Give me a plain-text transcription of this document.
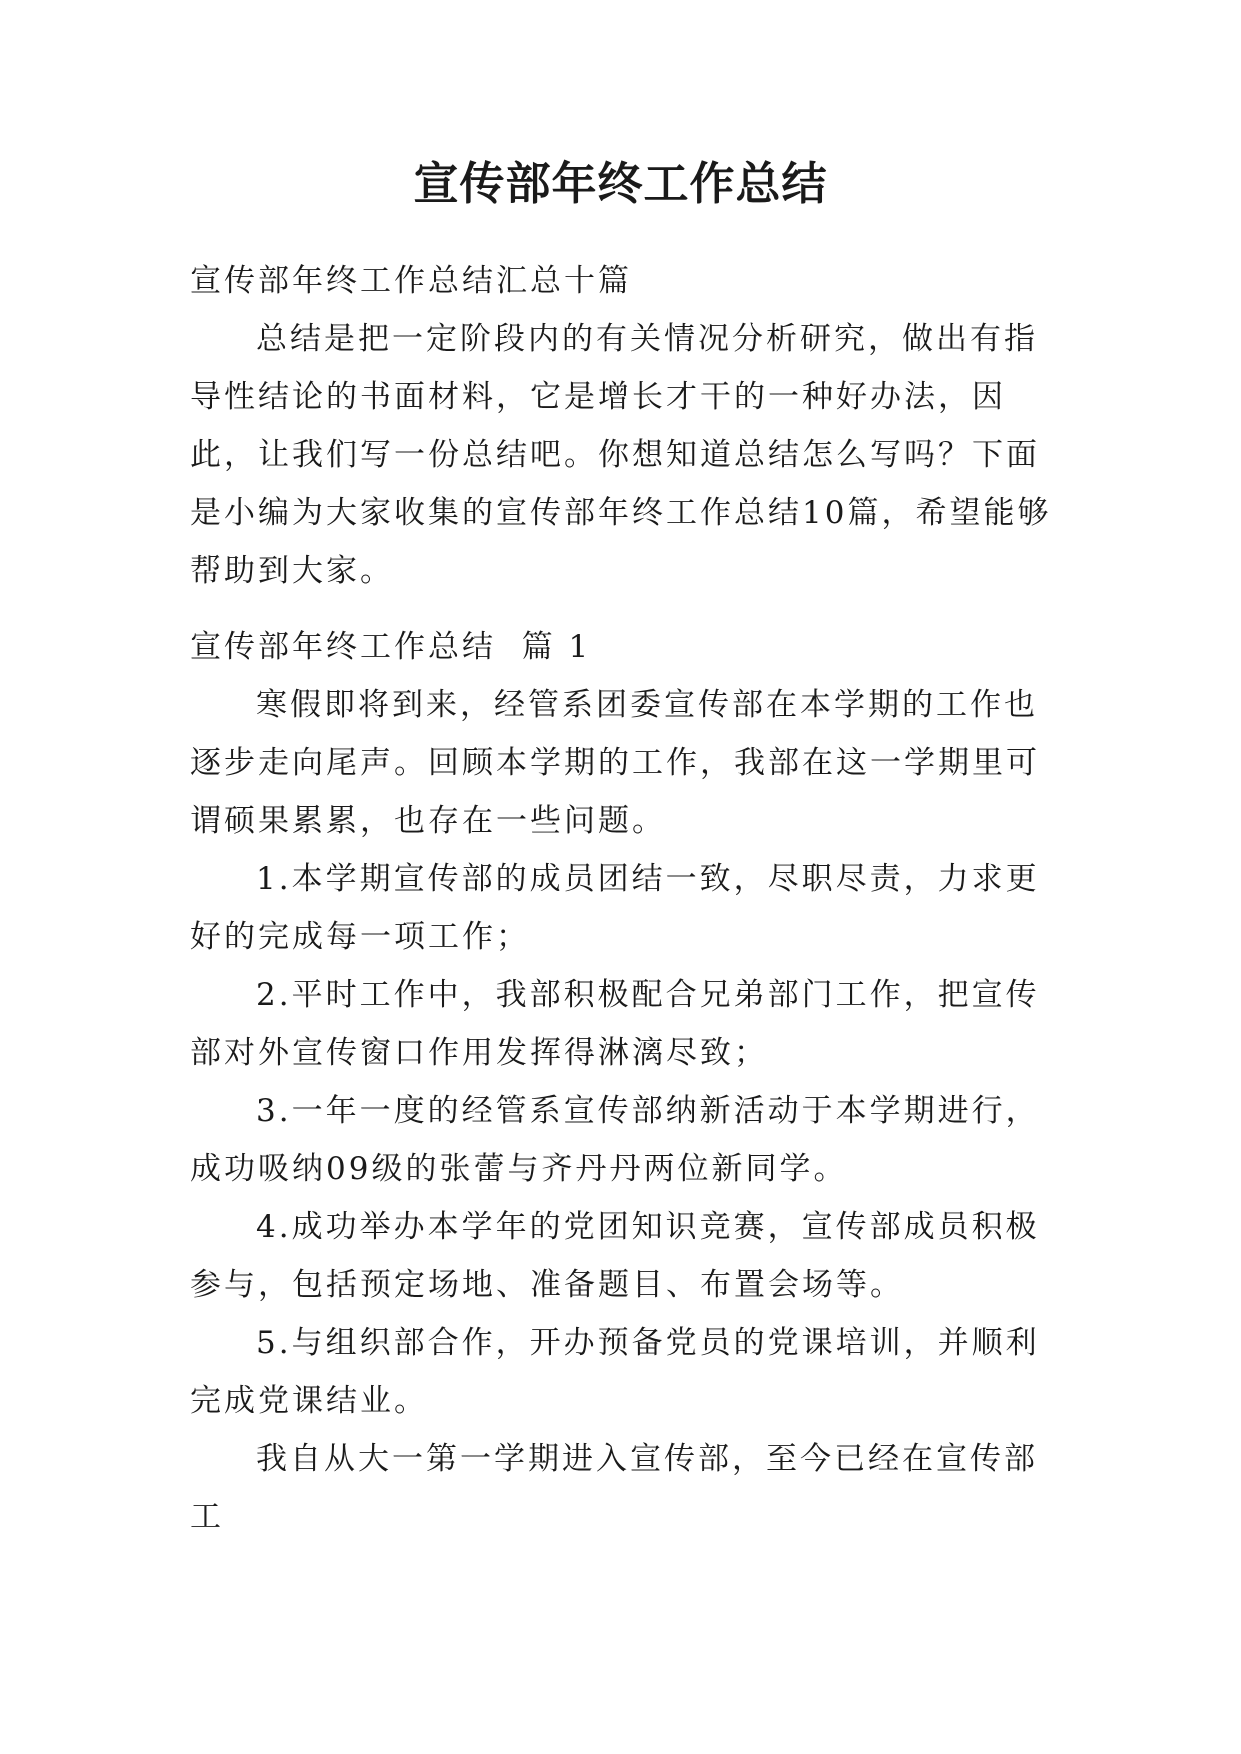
宣传部年终工作总结

宣传部年终工作总结汇总十篇

总结是把一定阶段内的有关情况分析研究，做出有指导性结论的书面材料，它是增长才干的一种好办法，因此，让我们写一份总结吧。你想知道总结怎么写吗？下面是小编为大家收集的宣传部年终工作总结10篇，希望能够帮助到大家。

宣传部年终工作总结  篇 1

寒假即将到来，经管系团委宣传部在本学期的工作也逐步走向尾声。回顾本学期的工作，我部在这一学期里可谓硕果累累，也存在一些问题。

1.本学期宣传部的成员团结一致，尽职尽责，力求更好的完成每一项工作；

2.平时工作中，我部积极配合兄弟部门工作，把宣传部对外宣传窗口作用发挥得淋漓尽致；

3.一年一度的经管系宣传部纳新活动于本学期进行，成功吸纳09级的张蕾与齐丹丹两位新同学。

4.成功举办本学年的党团知识竞赛，宣传部成员积极参与，包括预定场地、准备题目、布置会场等。

5.与组织部合作，开办预备党员的党课培训，并顺利完成党课结业。

我自从大一第一学期进入宣传部，至今已经在宣传部工
